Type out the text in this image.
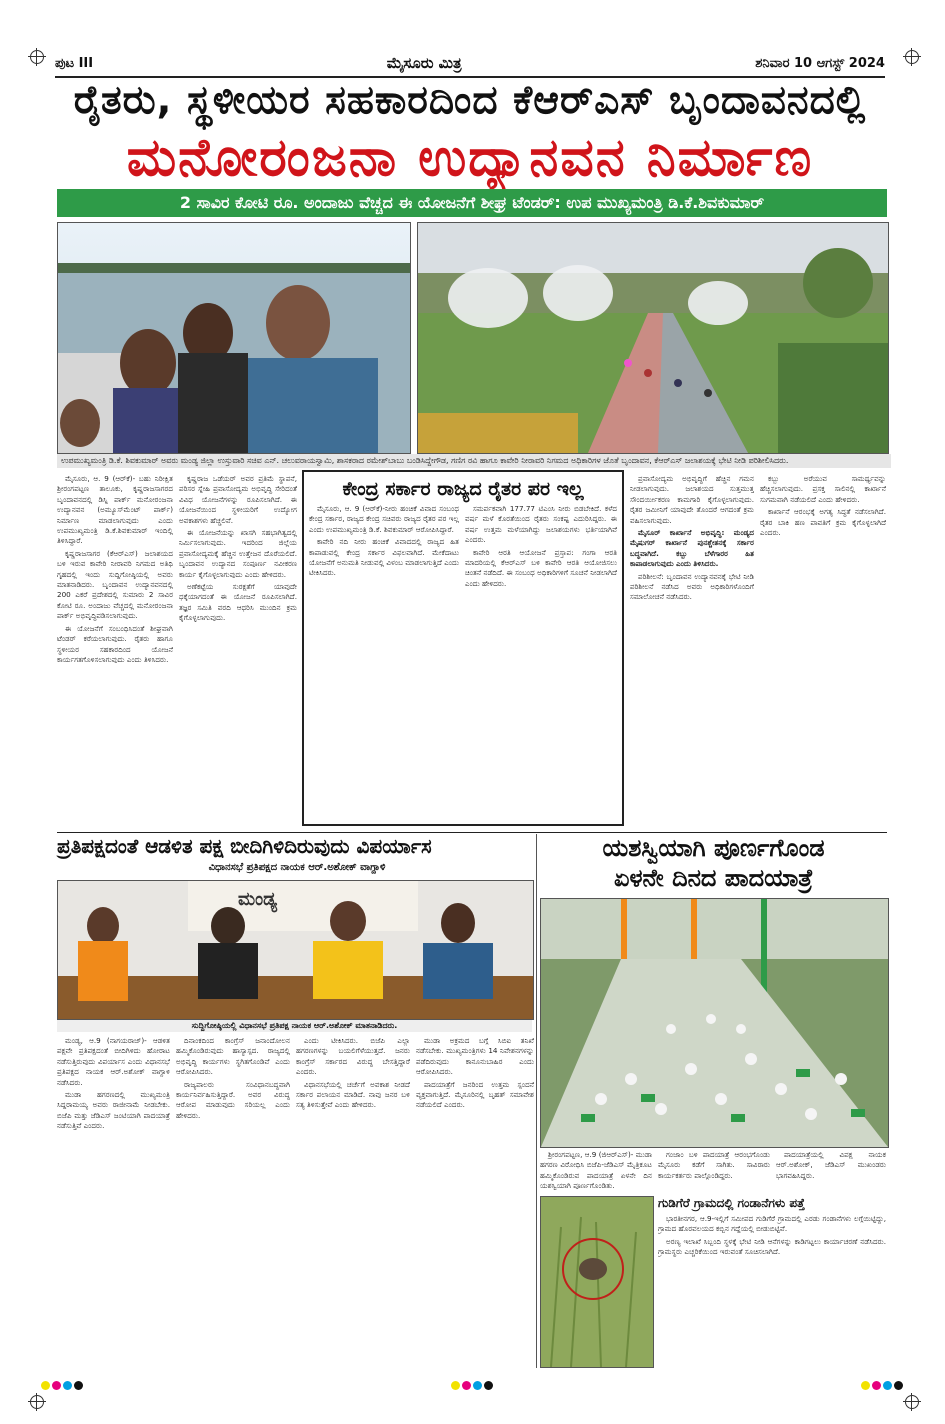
ಪುಟ III	ಮೈಸೂರು ಮಿತ್ರ	ಶನಿವಾರ 10 ಆಗಸ್ಟ್ 2024
ರೈತರು, ಸ್ಥಳೀಯರ ಸಹಕಾರದಿಂದ ಕೆಆರ್‌ಎಸ್ ಬೃಂದಾವನದಲ್ಲಿ
ಮನೋರಂಜನಾ ಉದ್ಯಾನವನ ನಿರ್ಮಾಣ
2 ಸಾವಿರ ಕೋಟಿ ರೂ. ಅಂದಾಜು ವೆಚ್ಚದ ಈ ಯೋಜನೆಗೆ ಶೀಘ್ರ ಟೆಂಡರ್: ಉಪ ಮುಖ್ಯಮಂತ್ರಿ ಡಿ.ಕೆ.ಶಿವಕುಮಾರ್
ಉಪಮುಖ್ಯಮಂತ್ರಿ ಡಿ.ಕೆ. ಶಿವಕುಮಾರ್ ಅವರು ಮಂಡ್ಯ ಜಿಲ್ಲಾ ಉಸ್ತುವಾರಿ ಸಚಿವ ಎನ್. ಚಲುವರಾಯಸ್ವಾಮಿ, ಶಾಸಕರಾದ ರಮೇಶ್‌ಬಾಬು ಬಂಡಿಸಿದ್ದೇಗೌಡ, ಗಣಿಗ ರವಿ ಹಾಗೂ ಕಾವೇರಿ ನೀರಾವರಿ ನಿಗಮದ ಅಧಿಕಾರಿಗಳ ಜೊತೆ ಬೃಂದಾವನ, ಕೆಆರ್‌ಎಸ್ ಜಲಾಶಯಕ್ಕೆ ಭೇಟಿ ನೀಡಿ ಪರಿಶೀಲಿಸಿದರು.

ಮೈಸೂರು, ಆ. 9 (ಆರ್‌ಕೆ)- ಬಹು ನಿರೀಕ್ಷಿತ ಶ್ರೀರಂಗಪಟ್ಟಣ ತಾಲೂಕು, ಕೃಷ್ಣರಾಜಸಾಗರದ ಬೃಂದಾವನದಲ್ಲಿ ಡಿಸ್ನಿ ಪಾರ್ಕ್ ಮನೋರಂಜನಾ ಉದ್ಯಾನವನ (ಅಮ್ಯೂಸ್‌ಮೆಂಟ್ ಪಾರ್ಕ್) ನಿರ್ಮಾಣ ಮಾಡಲಾಗುವುದು ಎಂದು ಉಪಮುಖ್ಯಮಂತ್ರಿ ಡಿ.ಕೆ.ಶಿವಕುಮಾರ್ ಇಂದಿಲ್ಲಿ ತಿಳಿಸಿದ್ದಾರೆ.

ಕೃಷ್ಣರಾಜಸಾಗರ (ಕೆಆರ್‌ಎಸ್) ಜಲಾಶಯದ ಬಳಿ ಇರುವ ಕಾವೇರಿ ನೀರಾವರಿ ನಿಗಮದ ಅತಿಥಿ ಗೃಹದಲ್ಲಿ ಇಂದು ಸುದ್ದಿಗೋಷ್ಠಿಯಲ್ಲಿ ಅವರು ಮಾತನಾಡಿದರು. ಬೃಂದಾವನ ಉದ್ಯಾನವನದಲ್ಲಿ 200 ಎಕರೆ ಪ್ರದೇಶದಲ್ಲಿ ಸುಮಾರು 2 ಸಾವಿರ ಕೋಟಿ ರೂ. ಅಂದಾಜು ವೆಚ್ಚದಲ್ಲಿ ಮನೋರಂಜನಾ ಪಾರ್ಕ್ ಅಭಿವೃದ್ಧಿಪಡಿಸಲಾಗುವುದು.

ಈ ಯೋಜನೆಗೆ ಸಂಬಂಧಿಸಿದಂತೆ ಶೀಘ್ರವಾಗಿ ಟೆಂಡರ್ ಕರೆಯಲಾಗುವುದು. ರೈತರು ಹಾಗೂ ಸ್ಥಳೀಯರ ಸಹಕಾರದಿಂದ ಯೋಜನೆ ಕಾರ್ಯಗತಗೊಳಿಸಲಾಗುವುದು ಎಂದು ತಿಳಿಸಿದರು.

ಕೃಷ್ಣರಾಜ ಒಡೆಯರ್ ಅವರ ಪ್ರತಿಮೆ ಸ್ಥಾಪನೆ, ಪರಿಸರ ಸ್ನೇಹಿ ಪ್ರವಾಸೋದ್ಯಮ ಅಭಿವೃದ್ಧಿ ಸೇರಿದಂತೆ ವಿವಿಧ ಯೋಜನೆಗಳನ್ನು ರೂಪಿಸಲಾಗಿದೆ. ಈ ಯೋಜನೆಯಿಂದ ಸ್ಥಳೀಯರಿಗೆ ಉದ್ಯೋಗ ಅವಕಾಶಗಳು ಹೆಚ್ಚಲಿವೆ.

ಈ ಯೋಜನೆಯನ್ನು ಖಾಸಗಿ ಸಹಭಾಗಿತ್ವದಲ್ಲಿ ನಿರ್ಮಿಸಲಾಗುವುದು. ಇದರಿಂದ ಜಿಲ್ಲೆಯ ಪ್ರವಾಸೋದ್ಯಮಕ್ಕೆ ಹೆಚ್ಚಿನ ಉತ್ತೇಜನ ದೊರೆಯಲಿದೆ. ಬೃಂದಾವನ ಉದ್ಯಾನದ ಸಂಪೂರ್ಣ ನವೀಕರಣ ಕಾರ್ಯ ಕೈಗೊಳ್ಳಲಾಗುವುದು ಎಂದು ಹೇಳಿದರು.

ಅಣೆಕಟ್ಟೆಯ ಸುರಕ್ಷತೆಗೆ ಯಾವುದೇ ಧಕ್ಕೆಯಾಗದಂತೆ ಈ ಯೋಜನೆ ರೂಪಿಸಲಾಗಿದೆ. ತಜ್ಞರ ಸಮಿತಿ ವರದಿ ಆಧರಿಸಿ ಮುಂದಿನ ಕ್ರಮ ಕೈಗೊಳ್ಳಲಾಗುವುದು.

ಕೇಂದ್ರ ಸರ್ಕಾರ ರಾಜ್ಯದ ರೈತರ ಪರ ಇಲ್ಲ

ಮೈಸೂರು, ಆ. 9 (ಆರ್‌ಕೆ)-ನೀರು ಹಂಚಿಕೆ ವಿವಾದ ಸಂಬಂಧ ಕೇಂದ್ರ ಸರ್ಕಾರ, ರಾಜ್ಯದ ಕೇಂದ್ರ ಸಚಿವರು ರಾಜ್ಯದ ರೈತರ ಪರ ಇಲ್ಲ ಎಂದು ಉಪಮುಖ್ಯಮಂತ್ರಿ ಡಿ.ಕೆ. ಶಿವಕುಮಾರ್ ಆರೋಪಿಸಿದ್ದಾರೆ.

ಕಾವೇರಿ ನದಿ ನೀರು ಹಂಚಿಕೆ ವಿವಾದದಲ್ಲಿ ರಾಜ್ಯದ ಹಿತ ಕಾಪಾಡುವಲ್ಲಿ ಕೇಂದ್ರ ಸರ್ಕಾರ ವಿಫಲವಾಗಿದೆ. ಮೇಕೆದಾಟು ಯೋಜನೆಗೆ ಅನುಮತಿ ನೀಡುವಲ್ಲಿ ವಿಳಂಬ ಮಾಡಲಾಗುತ್ತಿದೆ ಎಂದು ಟೀಕಿಸಿದರು.

ಸಮರ್ಪಕವಾಗಿ 177.77 ಟಿಎಂಸಿ ನೀರು ಬಿಡಬೇಕಿದೆ. ಕಳೆದ ವರ್ಷ ಮಳೆ ಕೊರತೆಯಿಂದ ರೈತರು ಸಂಕಷ್ಟ ಎದುರಿಸಿದ್ದರು. ಈ ವರ್ಷ ಉತ್ತಮ ಮಳೆಯಾಗಿದ್ದು ಜಲಾಶಯಗಳು ಭರ್ತಿಯಾಗಿವೆ ಎಂದರು.

ಕಾವೇರಿ ಆರತಿ ಆಯೋಜನೆ ಪ್ರಸ್ತಾಪ: ಗಂಗಾ ಆರತಿ ಮಾದರಿಯಲ್ಲಿ ಕೆಆರ್‌ಎಸ್ ಬಳಿ ಕಾವೇರಿ ಆರತಿ ಆಯೋಜಿಸಲು ಚಿಂತನೆ ನಡೆದಿದೆ. ಈ ಸಂಬಂಧ ಅಧಿಕಾರಿಗಳಿಗೆ ಸೂಚನೆ ನೀಡಲಾಗಿದೆ ಎಂದು ಹೇಳಿದರು.

ಪ್ರವಾಸೋದ್ಯಮ ಅಭಿವೃದ್ಧಿಗೆ ಹೆಚ್ಚಿನ ಗಮನ ನೀಡಲಾಗುವುದು. ಜಲಾಶಯದ ಸುತ್ತಮುತ್ತ ಸೌಂದರ್ಯೀಕರಣ ಕಾಮಗಾರಿ ಕೈಗೊಳ್ಳಲಾಗುವುದು. ರೈತರ ಜಮೀನಿಗೆ ಯಾವುದೇ ತೊಂದರೆ ಆಗದಂತೆ ಕ್ರಮ ವಹಿಸಲಾಗುವುದು.

ಮೈಸೂರ್ ಕಾರ್ಖಾನೆ ಅಭಿವೃದ್ಧಿ: ಮಂಡ್ಯದ ಮೈಷುಗರ್ ಕಾರ್ಖಾನೆ ಪುನಶ್ಚೇತನಕ್ಕೆ ಸರ್ಕಾರ ಬದ್ಧವಾಗಿದೆ. ಕಬ್ಬು ಬೆಳೆಗಾರರ ಹಿತ ಕಾಪಾಡಲಾಗುವುದು ಎಂದು ತಿಳಿಸಿದರು.

ಪರಿಶೀಲನೆ: ಬೃಂದಾವನ ಉದ್ಯಾನವನಕ್ಕೆ ಭೇಟಿ ನೀಡಿ ಪರಿಶೀಲನೆ ನಡೆಸಿದ ಅವರು ಅಧಿಕಾರಿಗಳೊಂದಿಗೆ ಸಮಾಲೋಚನೆ ನಡೆಸಿದರು.

ಕಬ್ಬು ಅರೆಯುವ ಸಾಮರ್ಥ್ಯವನ್ನು ಹೆಚ್ಚಿಸಲಾಗುವುದು. ಪ್ರಸಕ್ತ ಸಾಲಿನಲ್ಲಿ ಕಾರ್ಖಾನೆ ಸುಗಮವಾಗಿ ನಡೆಯಲಿದೆ ಎಂದು ಹೇಳಿದರು.

ಕಾರ್ಖಾನೆ ಆರಂಭಕ್ಕೆ ಅಗತ್ಯ ಸಿದ್ಧತೆ ನಡೆಸಲಾಗಿದೆ. ರೈತರ ಬಾಕಿ ಹಣ ಪಾವತಿಗೆ ಕ್ರಮ ಕೈಗೊಳ್ಳಲಾಗಿದೆ ಎಂದರು.

ಪ್ರತಿಪಕ್ಷದಂತೆ ಆಡಳಿತ ಪಕ್ಷ ಬೀದಿಗಿಳಿದಿರುವುದು ವಿಪರ್ಯಾಸ
ವಿಧಾನಸಭೆ ಪ್ರತಿಪಕ್ಷದ ನಾಯಕ ಆರ್.ಅಶೋಕ್ ವಾಗ್ದಾಳಿ
ಮಂಡ್ಯ
ಸುದ್ದಿಗೋಷ್ಠಿಯಲ್ಲಿ ವಿಧಾನಸಭೆ ಪ್ರತಿಪಕ್ಷ ನಾಯಕ ಆರ್.ಅಶೋಕ್ ಮಾತನಾಡಿದರು.

ಮಂಡ್ಯ, ಆ.9 (ನಾಗಯರಾಜ್)- ಆಡಳಿತ ಪಕ್ಷವೇ ಪ್ರತಿಪಕ್ಷದಂತೆ ಬೀದಿಗಿಳಿದು ಹೋರಾಟ ನಡೆಸುತ್ತಿರುವುದು ವಿಪರ್ಯಾಸ ಎಂದು ವಿಧಾನಸಭೆ ಪ್ರತಿಪಕ್ಷದ ನಾಯಕ ಆರ್.ಅಶೋಕ್ ವಾಗ್ದಾಳಿ ನಡೆಸಿದರು.

ಮುಡಾ ಹಗರಣದಲ್ಲಿ ಮುಖ್ಯಮಂತ್ರಿ ಸಿದ್ದರಾಮಯ್ಯ ಅವರು ರಾಜೀನಾಮೆ ನೀಡಬೇಕು. ಬಿಜೆಪಿ ಮತ್ತು ಜೆಡಿಎಸ್ ಜಂಟಿಯಾಗಿ ಪಾದಯಾತ್ರೆ ನಡೆಸುತ್ತಿವೆ ಎಂದರು.

ದಿನಾಂಕದಿಂದ ಕಾಂಗ್ರೆಸ್ ಜನಾಂದೋಲನ ಹಮ್ಮಿಕೊಂಡಿರುವುದು ಹಾಸ್ಯಾಸ್ಪದ. ರಾಜ್ಯದಲ್ಲಿ ಅಭಿವೃದ್ಧಿ ಕಾರ್ಯಗಳು ಸ್ಥಗಿತಗೊಂಡಿವೆ ಎಂದು ಆರೋಪಿಸಿದರು.

ರಾಜ್ಯಪಾಲರು ಸಂವಿಧಾನಬದ್ಧವಾಗಿ ಕಾರ್ಯನಿರ್ವಹಿಸುತ್ತಿದ್ದಾರೆ. ಅವರ ವಿರುದ್ಧ ಆರೋಪ ಮಾಡುವುದು ಸರಿಯಲ್ಲ ಎಂದು ಹೇಳಿದರು.

ಎಂದು ಟೀಕಿಸಿದರು. ಬಿಜೆಪಿ ಎಲ್ಲಾ ಹಗರಣಗಳನ್ನು ಬಯಲಿಗೆಳೆಯುತ್ತದೆ. ಜನರು ಕಾಂಗ್ರೆಸ್ ಸರ್ಕಾರದ ವಿರುದ್ಧ ಬೇಸತ್ತಿದ್ದಾರೆ ಎಂದರು.

ವಿಧಾನಸಭೆಯಲ್ಲಿ ಚರ್ಚೆಗೆ ಅವಕಾಶ ನೀಡದೆ ಸರ್ಕಾರ ಪಲಾಯನ ಮಾಡಿದೆ. ನಾವು ಜನರ ಬಳಿ ಸತ್ಯ ತಿಳಿಸುತ್ತೇವೆ ಎಂದು ಹೇಳಿದರು.

ಮುಡಾ ಅಕ್ರಮದ ಬಗ್ಗೆ ಸಿಬಿಐ ತನಿಖೆ ನಡೆಸಬೇಕು. ಮುಖ್ಯಮಂತ್ರಿಗಳು 14 ನಿವೇಶನಗಳನ್ನು ಪಡೆದಿರುವುದು ಕಾನೂನುಬಾಹಿರ ಎಂದು ಆರೋಪಿಸಿದರು.

ಪಾದಯಾತ್ರೆಗೆ ಜನರಿಂದ ಉತ್ತಮ ಸ್ಪಂದನೆ ವ್ಯಕ್ತವಾಗುತ್ತಿದೆ. ಮೈಸೂರಿನಲ್ಲಿ ಬೃಹತ್ ಸಮಾವೇಶ ನಡೆಯಲಿದೆ ಎಂದರು.

ಯಶಸ್ವಿಯಾಗಿ ಪೂರ್ಣಗೊಂಡ
ಏಳನೇ ದಿನದ ಪಾದಯಾತ್ರೆ

ಶ್ರೀರಂಗಪಟ್ಟಣ, ಆ.9 (ಜಿಆರ್‌ಎಸ್)- ಮುಡಾ ಹಗರಣ ವಿರೋಧಿಸಿ ಬಿಜೆಪಿ-ಜೆಡಿಎಸ್ ಮೈತ್ರಿಕೂಟ ಹಮ್ಮಿಕೊಂಡಿರುವ ಪಾದಯಾತ್ರೆ ಏಳನೇ ದಿನ ಯಶಸ್ವಿಯಾಗಿ ಪೂರ್ಣಗೊಂಡಿತು.

ಗಂಜಾಂ ಬಳಿ ಪಾದಯಾತ್ರೆ ಆರಂಭಗೊಂಡು ಮೈಸೂರು ಕಡೆಗೆ ಸಾಗಿತು. ಸಾವಿರಾರು ಕಾರ್ಯಕರ್ತರು ಪಾಲ್ಗೊಂಡಿದ್ದರು.

ಪಾದಯಾತ್ರೆಯಲ್ಲಿ ವಿಪಕ್ಷ ನಾಯಕ ಆರ್.ಅಶೋಕ್, ಜೆಡಿಎಸ್ ಮುಖಂಡರು ಭಾಗವಹಿಸಿದ್ದರು.

ಗುಡಿಗೆರೆ ಗ್ರಾಮದಲ್ಲಿ ಗಂಡಾನೆಗಳು ಪತ್ತೆ

ಭಾರತೀನಗರ, ಆ.9-ಇಲ್ಲಿಗೆ ಸಮೀಪದ ಗುಡಿಗೆರೆ ಗ್ರಾಮದಲ್ಲಿ ಎರಡು ಗಂಡಾನೆಗಳು ಲಗ್ಗೆಯಿಟ್ಟಿದ್ದು, ಗ್ರಾಮದ ಹೊರವಲಯದ ಕಬ್ಬಿನ ಗದ್ದೆಯಲ್ಲಿ ಬೀಡುಬಿಟ್ಟಿವೆ.

ಅರಣ್ಯ ಇಲಾಖೆ ಸಿಬ್ಬಂದಿ ಸ್ಥಳಕ್ಕೆ ಭೇಟಿ ನೀಡಿ ಆನೆಗಳನ್ನು ಕಾಡಿಗಟ್ಟಲು ಕಾರ್ಯಾಚರಣೆ ನಡೆಸಿದರು. ಗ್ರಾಮಸ್ಥರು ಎಚ್ಚರಿಕೆಯಿಂದ ಇರುವಂತೆ ಸೂಚಿಸಲಾಗಿದೆ.
